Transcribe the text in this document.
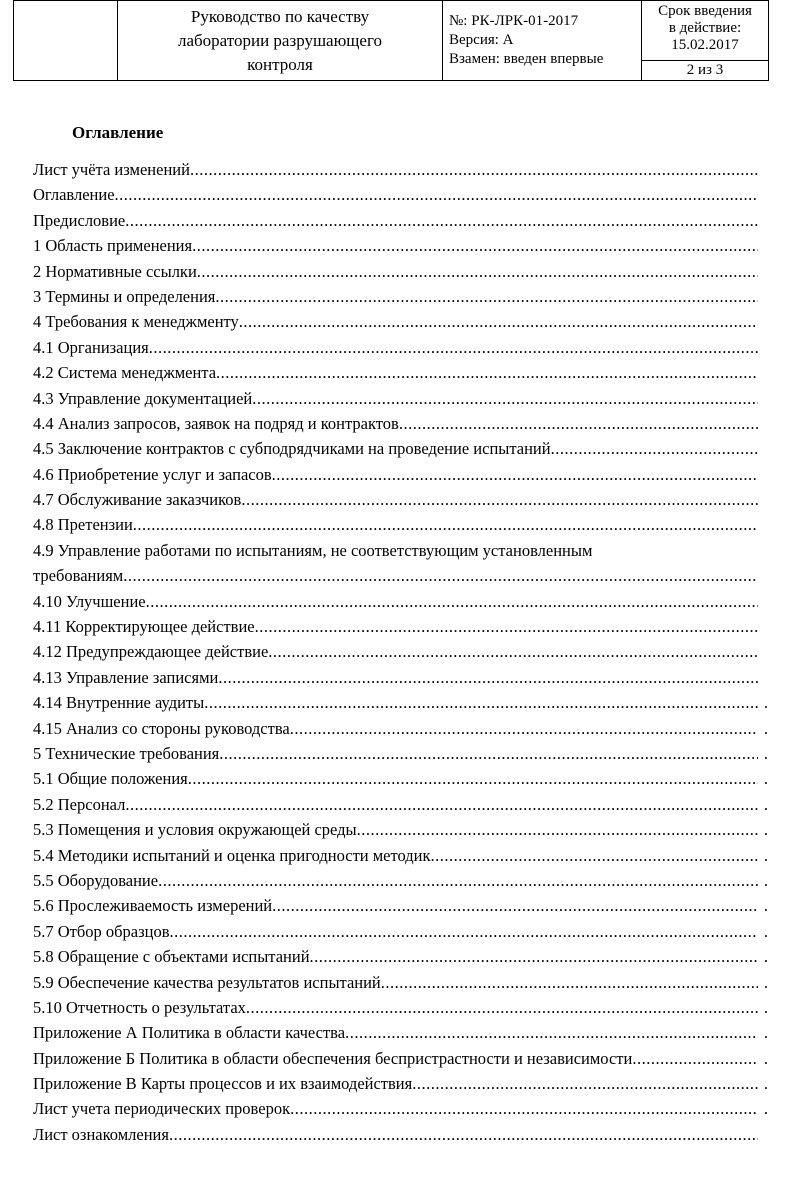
Руководство по качеству
лаборатории разрушающего
контроля

№: РК-ЛРК-01-2017
Версия: А
Взамен: введен впервые

Срок введения
в действие:
15.02.2017
2 из 3
Оглавление
Лист учёта изменений
.....
Оглавление
.....
Предисловие
.....
1 Область применения
.....
2 Нормативные ссылки
.....
3 Термины и определения
.....
4 Требования к менеджменту
.....
4.1 Организация
.....
4.2 Система менеджмента
.....
4.3 Управление документацией
.....
4.4 Анализ запросов, заявок на подряд и контрактов
.....
4.5 Заключение контрактов с субподрядчиками на проведение испытаний
.....
4.6 Приобретение услуг и запасов
.....
4.7 Обслуживание заказчиков
.....
4.8 Претензии
.....
4.9 Управление работами по испытаниям, не соответствующим установленным
требованиям
.....
4.10 Улучшение
.....
4.11 Корректирующее действие
.....
4.12 Предупреждающее действие
.....
4.13 Управление записями
.....
4.14 Внутренние аудиты .....	.
4.15 Анализ со стороны руководства .....	.
5 Технические требования .....	.
5.1 Общие положения .....	.
5.2 Персонал .....	.
5.3 Помещения и условия окружающей среды .....	.
5.4 Методики испытаний и оценка пригодности методик .....	.
5.5 Оборудование .....	.
5.6 Прослеживаемость измерений .....	.
5.7 Отбор образцов .....	.
5.8 Обращение с объектами испытаний .....	.
5.9 Обеспечение качества результатов испытаний .....	.
5.10 Отчетность о результатах .....	.
Приложение А Политика в области качества .....	.
Приложение Б Политика в области обеспечения беспристрастности и независимости .....	.
Приложение В Карты процессов и их взаимодействия .....	.
Лист учета периодических проверок .....	.
Лист ознакомления
.....
